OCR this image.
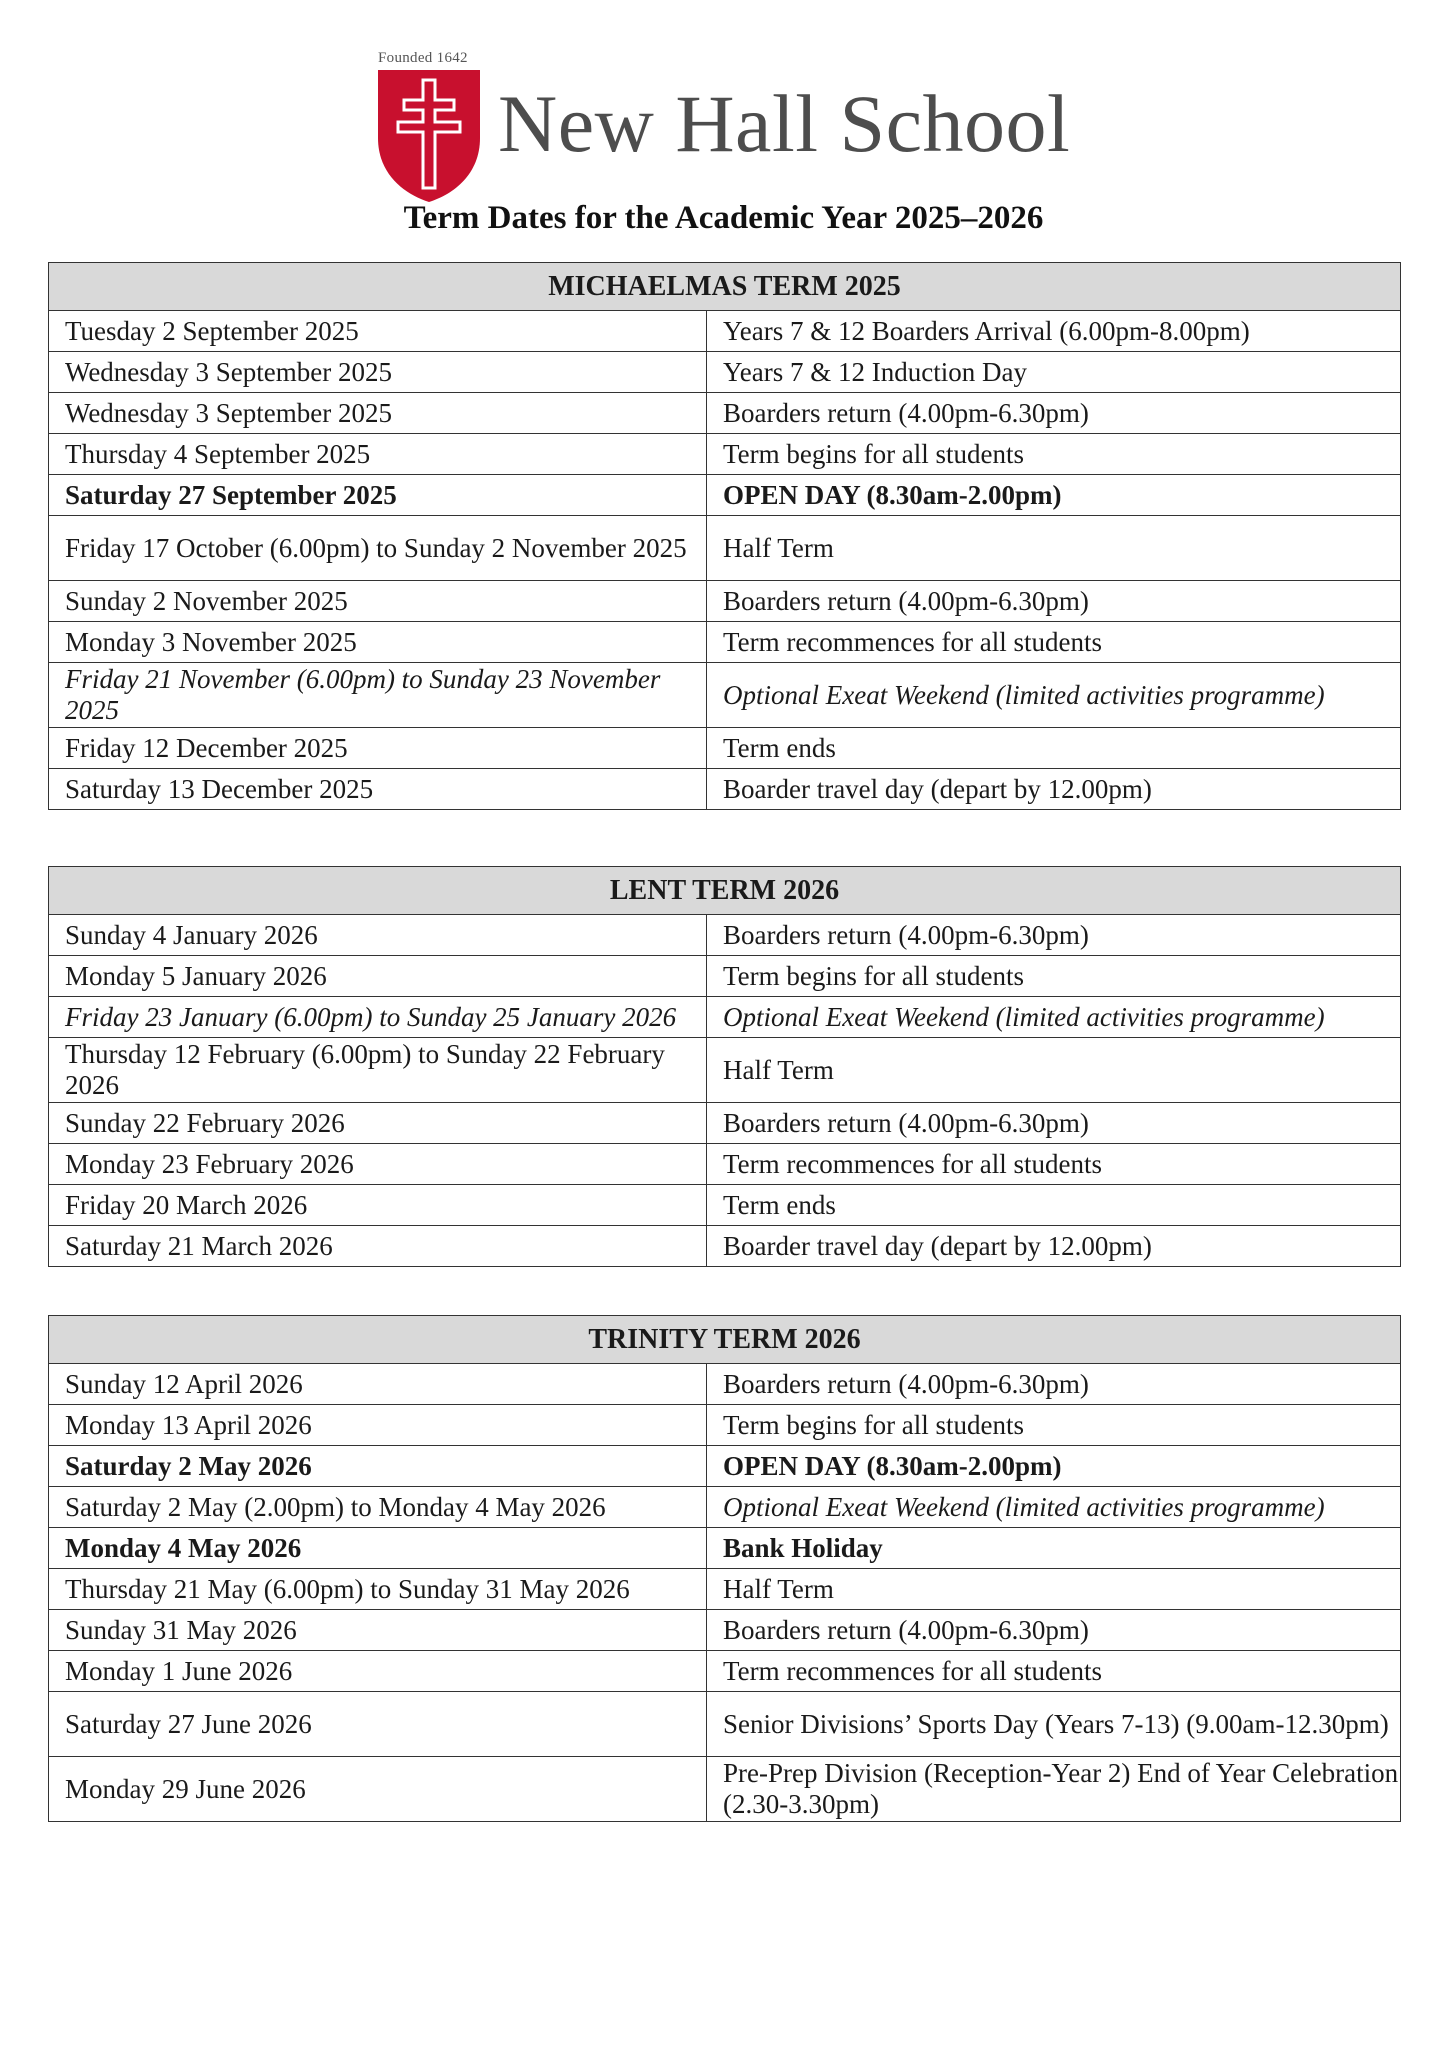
Founded 1642
New Hall School
Term Dates for the Academic Year 2025–2026
MICHAELMAS TERM 2025	
Tuesday 2 September 2025	Years 7 & 12 Boarders Arrival (6.00pm-8.00pm)
Wednesday 3 September 2025	Years 7 & 12 Induction Day
Wednesday 3 September 2025	Boarders return (4.00pm-6.30pm)
Thursday 4 September 2025	Term begins for all students
Saturday 27 September 2025	OPEN DAY (8.30am-2.00pm)
Friday 17 October (6.00pm) to Sunday 2 November 2025	Half Term
Sunday 2 November 2025	Boarders return (4.00pm-6.30pm)
Monday 3 November 2025	Term recommences for all students
Friday 21 November (6.00pm) to Sunday 23 November 2025	Optional Exeat Weekend (limited activities programme)
Friday 12 December 2025	Term ends
Saturday 13 December 2025	Boarder travel day (depart by 12.00pm)
LENT TERM 2026	
Sunday 4 January 2026	Boarders return (4.00pm-6.30pm)
Monday 5 January 2026	Term begins for all students
Friday 23 January (6.00pm) to Sunday 25 January 2026	Optional Exeat Weekend (limited activities programme)
Thursday 12 February (6.00pm) to Sunday 22 February 2026	Half Term
Sunday 22 February 2026	Boarders return (4.00pm-6.30pm)
Monday 23 February 2026	Term recommences for all students
Friday 20 March 2026	Term ends
Saturday 21 March 2026	Boarder travel day (depart by 12.00pm)
TRINITY TERM 2026	
Sunday 12 April 2026	Boarders return (4.00pm-6.30pm)
Monday 13 April 2026	Term begins for all students
Saturday 2 May 2026	OPEN DAY (8.30am-2.00pm)
Saturday 2 May (2.00pm) to Monday 4 May 2026	Optional Exeat Weekend (limited activities programme)
Monday 4 May 2026	Bank Holiday
Thursday 21 May (6.00pm) to Sunday 31 May 2026	Half Term
Sunday 31 May 2026	Boarders return (4.00pm-6.30pm)
Monday 1 June 2026	Term recommences for all students
Saturday 27 June 2026	Senior Divisions’ Sports Day (Years 7-13) (9.00am-12.30pm)
Monday 29 June 2026	Pre-Prep Division (Reception-Year 2) End of Year Celebration (2.30-3.30pm)
